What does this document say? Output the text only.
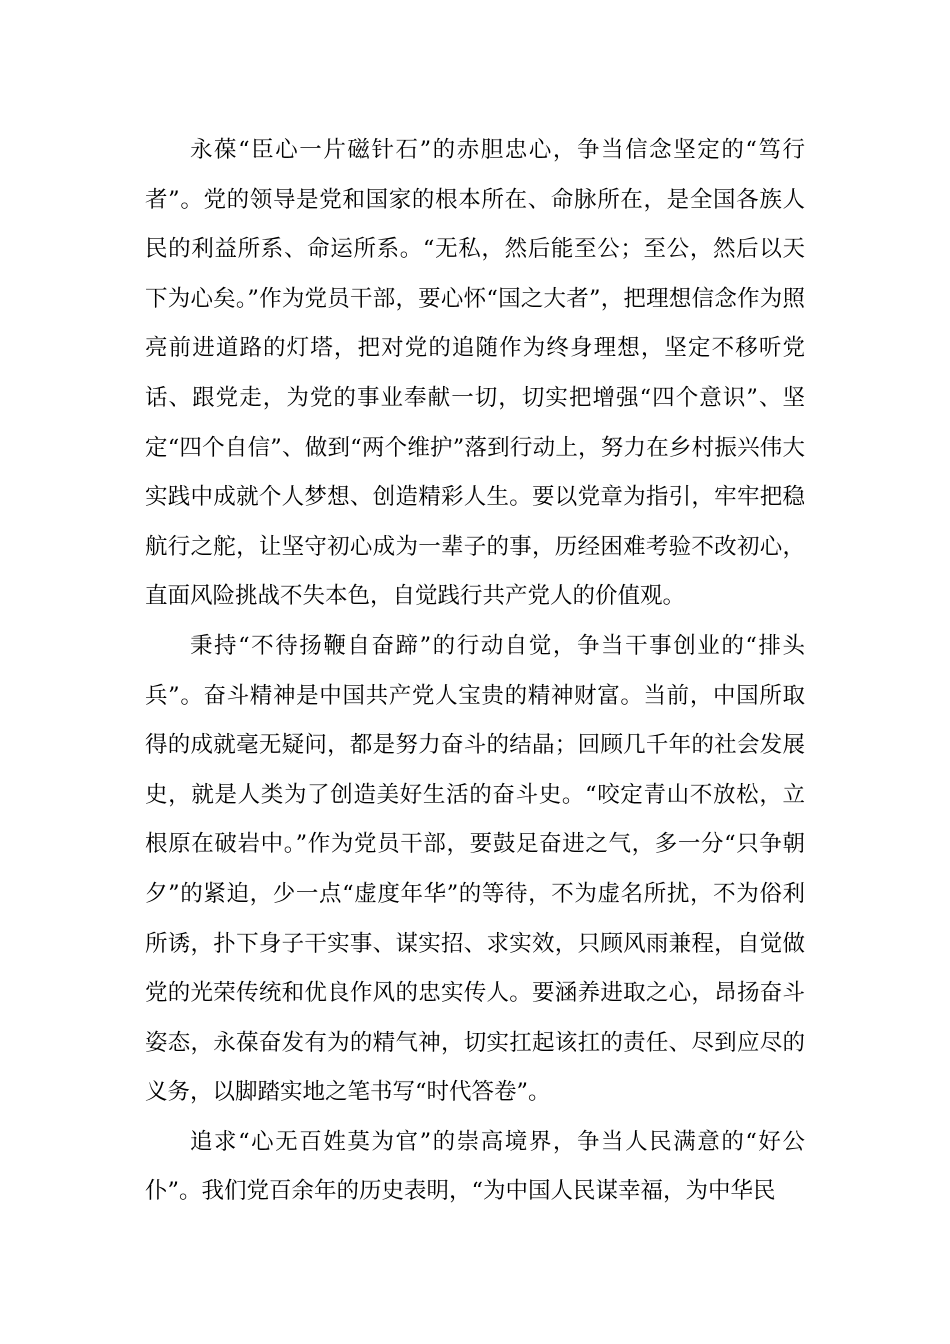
永葆“臣心一片磁针石”的赤胆忠心，争当信念坚定的“笃行者”。党的领导是党和国家的根本所在、命脉所在，是全国各族人民的利益所系、命运所系。“无私，然后能至公；至公，然后以天下为心矣。”作为党员干部，要心怀“国之大者”，把理想信念作为照亮前进道路的灯塔，把对党的追随作为终身理想，坚定不移听党话、跟党走，为党的事业奉献一切，切实把增强“四个意识”、坚定“四个自信”、做到“两个维护”落到行动上，努力在乡村振兴伟大实践中成就个人梦想、创造精彩人生。要以党章为指引，牢牢把稳航行之舵，让坚守初心成为一辈子的事，历经困难考验不改初心，直面风险挑战不失本色，自觉践行共产党人的价值观。

秉持“不待扬鞭自奋蹄”的行动自觉，争当干事创业的“排头兵”。奋斗精神是中国共产党人宝贵的精神财富。当前，中国所取得的成就毫无疑问，都是努力奋斗的结晶；回顾几千年的社会发展史，就是人类为了创造美好生活的奋斗史。“咬定青山不放松，立根原在破岩中。”作为党员干部，要鼓足奋进之气，多一分“只争朝夕”的紧迫，少一点“虚度年华”的等待，不为虚名所扰，不为俗利所诱，扑下身子干实事、谋实招、求实效，只顾风雨兼程，自觉做党的光荣传统和优良作风的忠实传人。要涵养进取之心，昂扬奋斗姿态，永葆奋发有为的精气神，切实扛起该扛的责任、尽到应尽的义务，以脚踏实地之笔书写“时代答卷”。

追求“心无百姓莫为官”的崇高境界，争当人民满意的“好公仆”。我们党百余年的历史表明，“为中国人民谋幸福，为中华民
